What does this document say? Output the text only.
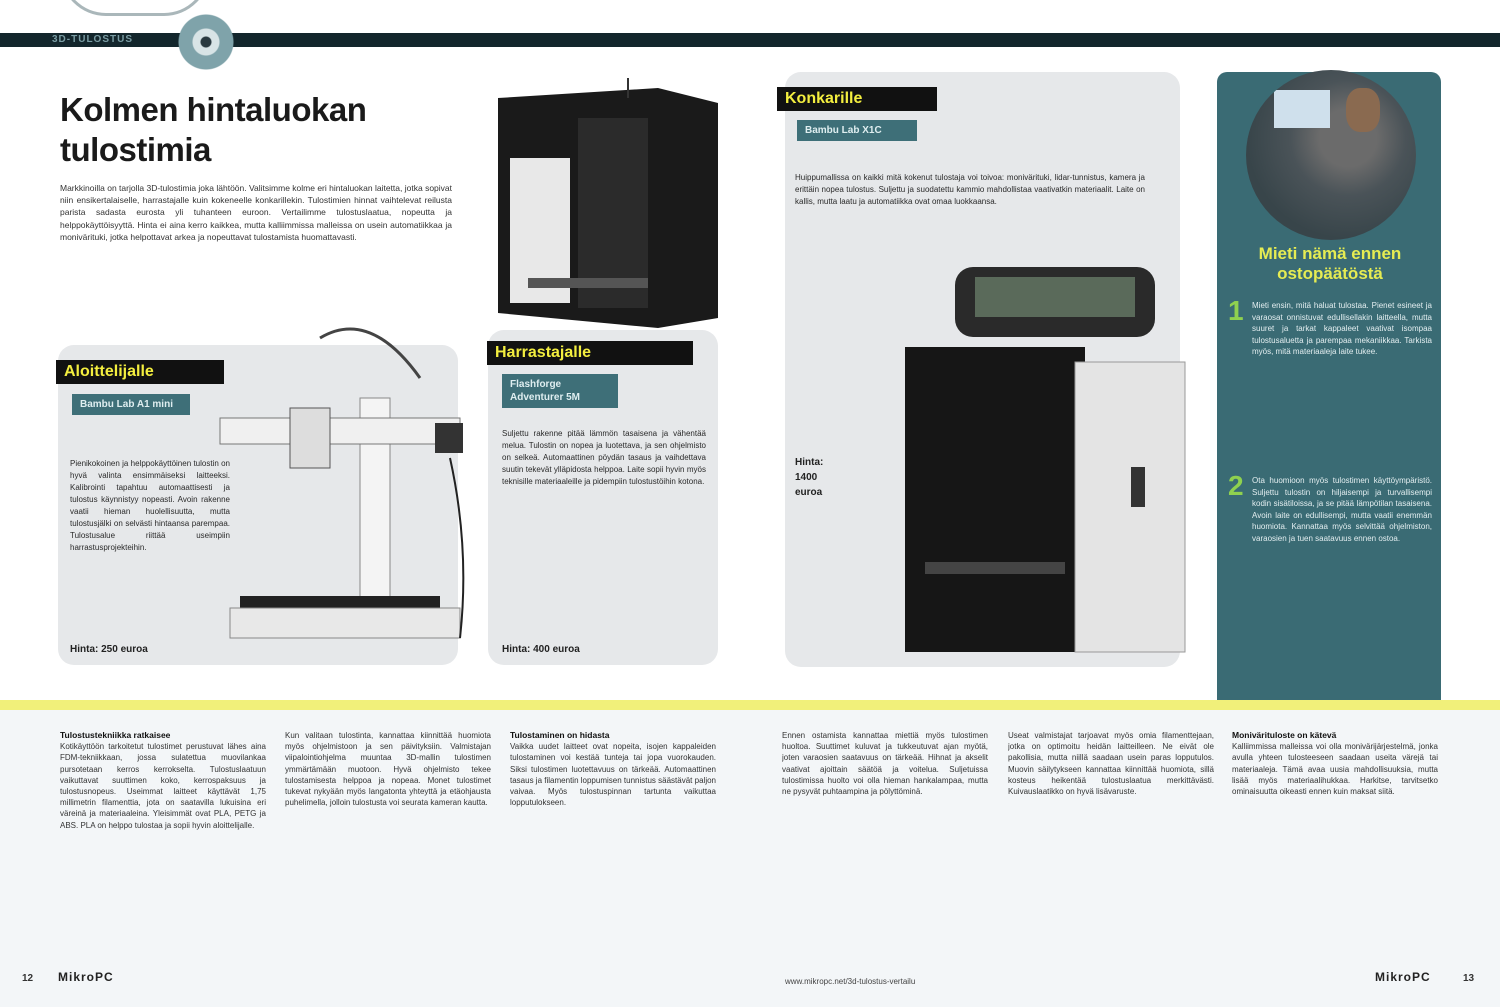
3D-TULOSTUS
Kolmen hintaluokan tulostimia

Markkinoilla on tarjolla 3D-tulostimia joka lähtöön. Valitsimme kolme eri hintaluokan laitetta, jotka sopivat niin ensikertalaiselle, harrastajalle kuin kokeneelle konkarillekin. Tulostimien hinnat vaihtelevat reilusta parista sadasta eurosta yli tuhanteen euroon. Vertailimme tulostuslaatua, nopeutta ja helppokäyttöisyyttä. Hinta ei aina kerro kaikkea, mutta kalliimmissa malleissa on usein automatiikkaa ja monivärituki, jotka helpottavat arkea ja nopeuttavat tulostamista huomattavasti.

Aloittelijalle
Bambu Lab A1 mini

Pienikokoinen ja helppokäyttöinen tulostin on hyvä valinta ensimmäiseksi laitteeksi. Kalibrointi tapahtuu automaattisesti ja tulostus käynnistyy nopeasti. Avoin rakenne vaatii hieman huolellisuutta, mutta tulostusjälki on selvästi hintaansa parempaa. Tulostusalue riittää useimpiin harrastusprojekteihin.

Hinta: 250 euroa
Harrastajalle
Flashforge Adventurer 5M

Suljettu rakenne pitää lämmön tasaisena ja vähentää melua. Tulostin on nopea ja luotettava, ja sen ohjelmisto on selkeä. Automaattinen pöydän tasaus ja vaihdettava suutin tekevät ylläpidosta helppoa. Laite sopii hyvin myös teknisille materiaaleille ja pidempiin tulostustöihin kotona.

Hinta: 400 euroa
Konkarille
Bambu Lab X1C

Huippumallissa on kaikki mitä kokenut tulostaja voi toivoa: monivärituki, lidar-tunnistus, kamera ja erittäin nopea tulostus. Suljettu ja suodatettu kammio mahdollistaa vaativatkin materiaalit. Laite on kallis, mutta laatu ja automatiikka ovat omaa luokkaansa.

Hinta: 1400 euroa
Mieti nämä ennen ostopäätöstä
1 Mieti ensin, mitä haluat tulostaa. Pienet esineet ja varaosat onnistuvat edullisellakin laitteella, mutta suuret ja tarkat kappaleet vaativat isompaa tulostusaluetta ja parempaa mekaniikkaa. Tarkista myös, mitä materiaaleja laite tukee.

2 Ota huomioon myös tulostimen käyttöympäristö. Suljettu tulostin on hiljaisempi ja turvallisempi kodin sisätiloissa, ja se pitää lämpötilan tasaisena. Avoin laite on edullisempi, mutta vaatii enemmän huomiota. Kannattaa myös selvittää ohjelmiston, varaosien ja tuen saatavuus ennen ostoa.

Tulostustekniikka ratkaisee

Kotikäyttöön tarkoitetut tulostimet perustuvat lähes aina FDM-tekniikkaan, jossa sulatettua muovilankaa pursotetaan kerros kerrokselta. Tulostuslaatuun vaikuttavat suuttimen koko, kerrospaksuus ja tulostusnopeus. Useimmat laitteet käyttävät 1,75 millimetrin filamenttia, jota on saatavilla lukuisina eri väreinä ja materiaaleina. Yleisimmät ovat PLA, PETG ja ABS. PLA on helppo tulostaa ja sopii hyvin aloittelijalle.

Kun valitaan tulostinta, kannattaa kiinnittää huomiota myös ohjelmistoon ja sen päivityksiin. Valmistajan viipalointiohjelma muuntaa 3D-mallin tulostimen ymmärtämään muotoon. Hyvä ohjelmisto tekee tulostamisesta helppoa ja nopeaa. Monet tulostimet tukevat nykyään myös langatonta yhteyttä ja etäohjausta puhelimella, jolloin tulostusta voi seurata kameran kautta.

Tulostaminen on hidasta

Vaikka uudet laitteet ovat nopeita, isojen kappaleiden tulostaminen voi kestää tunteja tai jopa vuorokauden. Siksi tulostimen luotettavuus on tärkeää. Automaattinen tasaus ja filamentin loppumisen tunnistus säästävät paljon vaivaa. Myös tulostuspinnan tartunta vaikuttaa lopputulokseen.

Ennen ostamista kannattaa miettiä myös tulostimen huoltoa. Suuttimet kuluvat ja tukkeutuvat ajan myötä, joten varaosien saatavuus on tärkeää. Hihnat ja akselit vaativat ajoittain säätöä ja voitelua. Suljetuissa tulostimissa huolto voi olla hieman hankalampaa, mutta ne pysyvät puhtaampina ja pölyttöminä.

Useat valmistajat tarjoavat myös omia filamenttejaan, jotka on optimoitu heidän laitteilleen. Ne eivät ole pakollisia, mutta niillä saadaan usein paras lopputulos. Muovin säilytykseen kannattaa kiinnittää huomiota, sillä kosteus heikentää tulostuslaatua merkittävästi. Kuivauslaatikko on hyvä lisävaruste.

Monivärituloste on kätevä

Kalliimmissa malleissa voi olla monivärijärjestelmä, jonka avulla yhteen tulosteeseen saadaan useita värejä tai materiaaleja. Tämä avaa uusia mahdollisuuksia, mutta lisää myös materiaalihukkaa. Harkitse, tarvitsetko ominaisuutta oikeasti ennen kuin maksat siitä.

12 MikroPC	www.mikropc.net/3d-tulostus-vertailu	MikroPC	13
